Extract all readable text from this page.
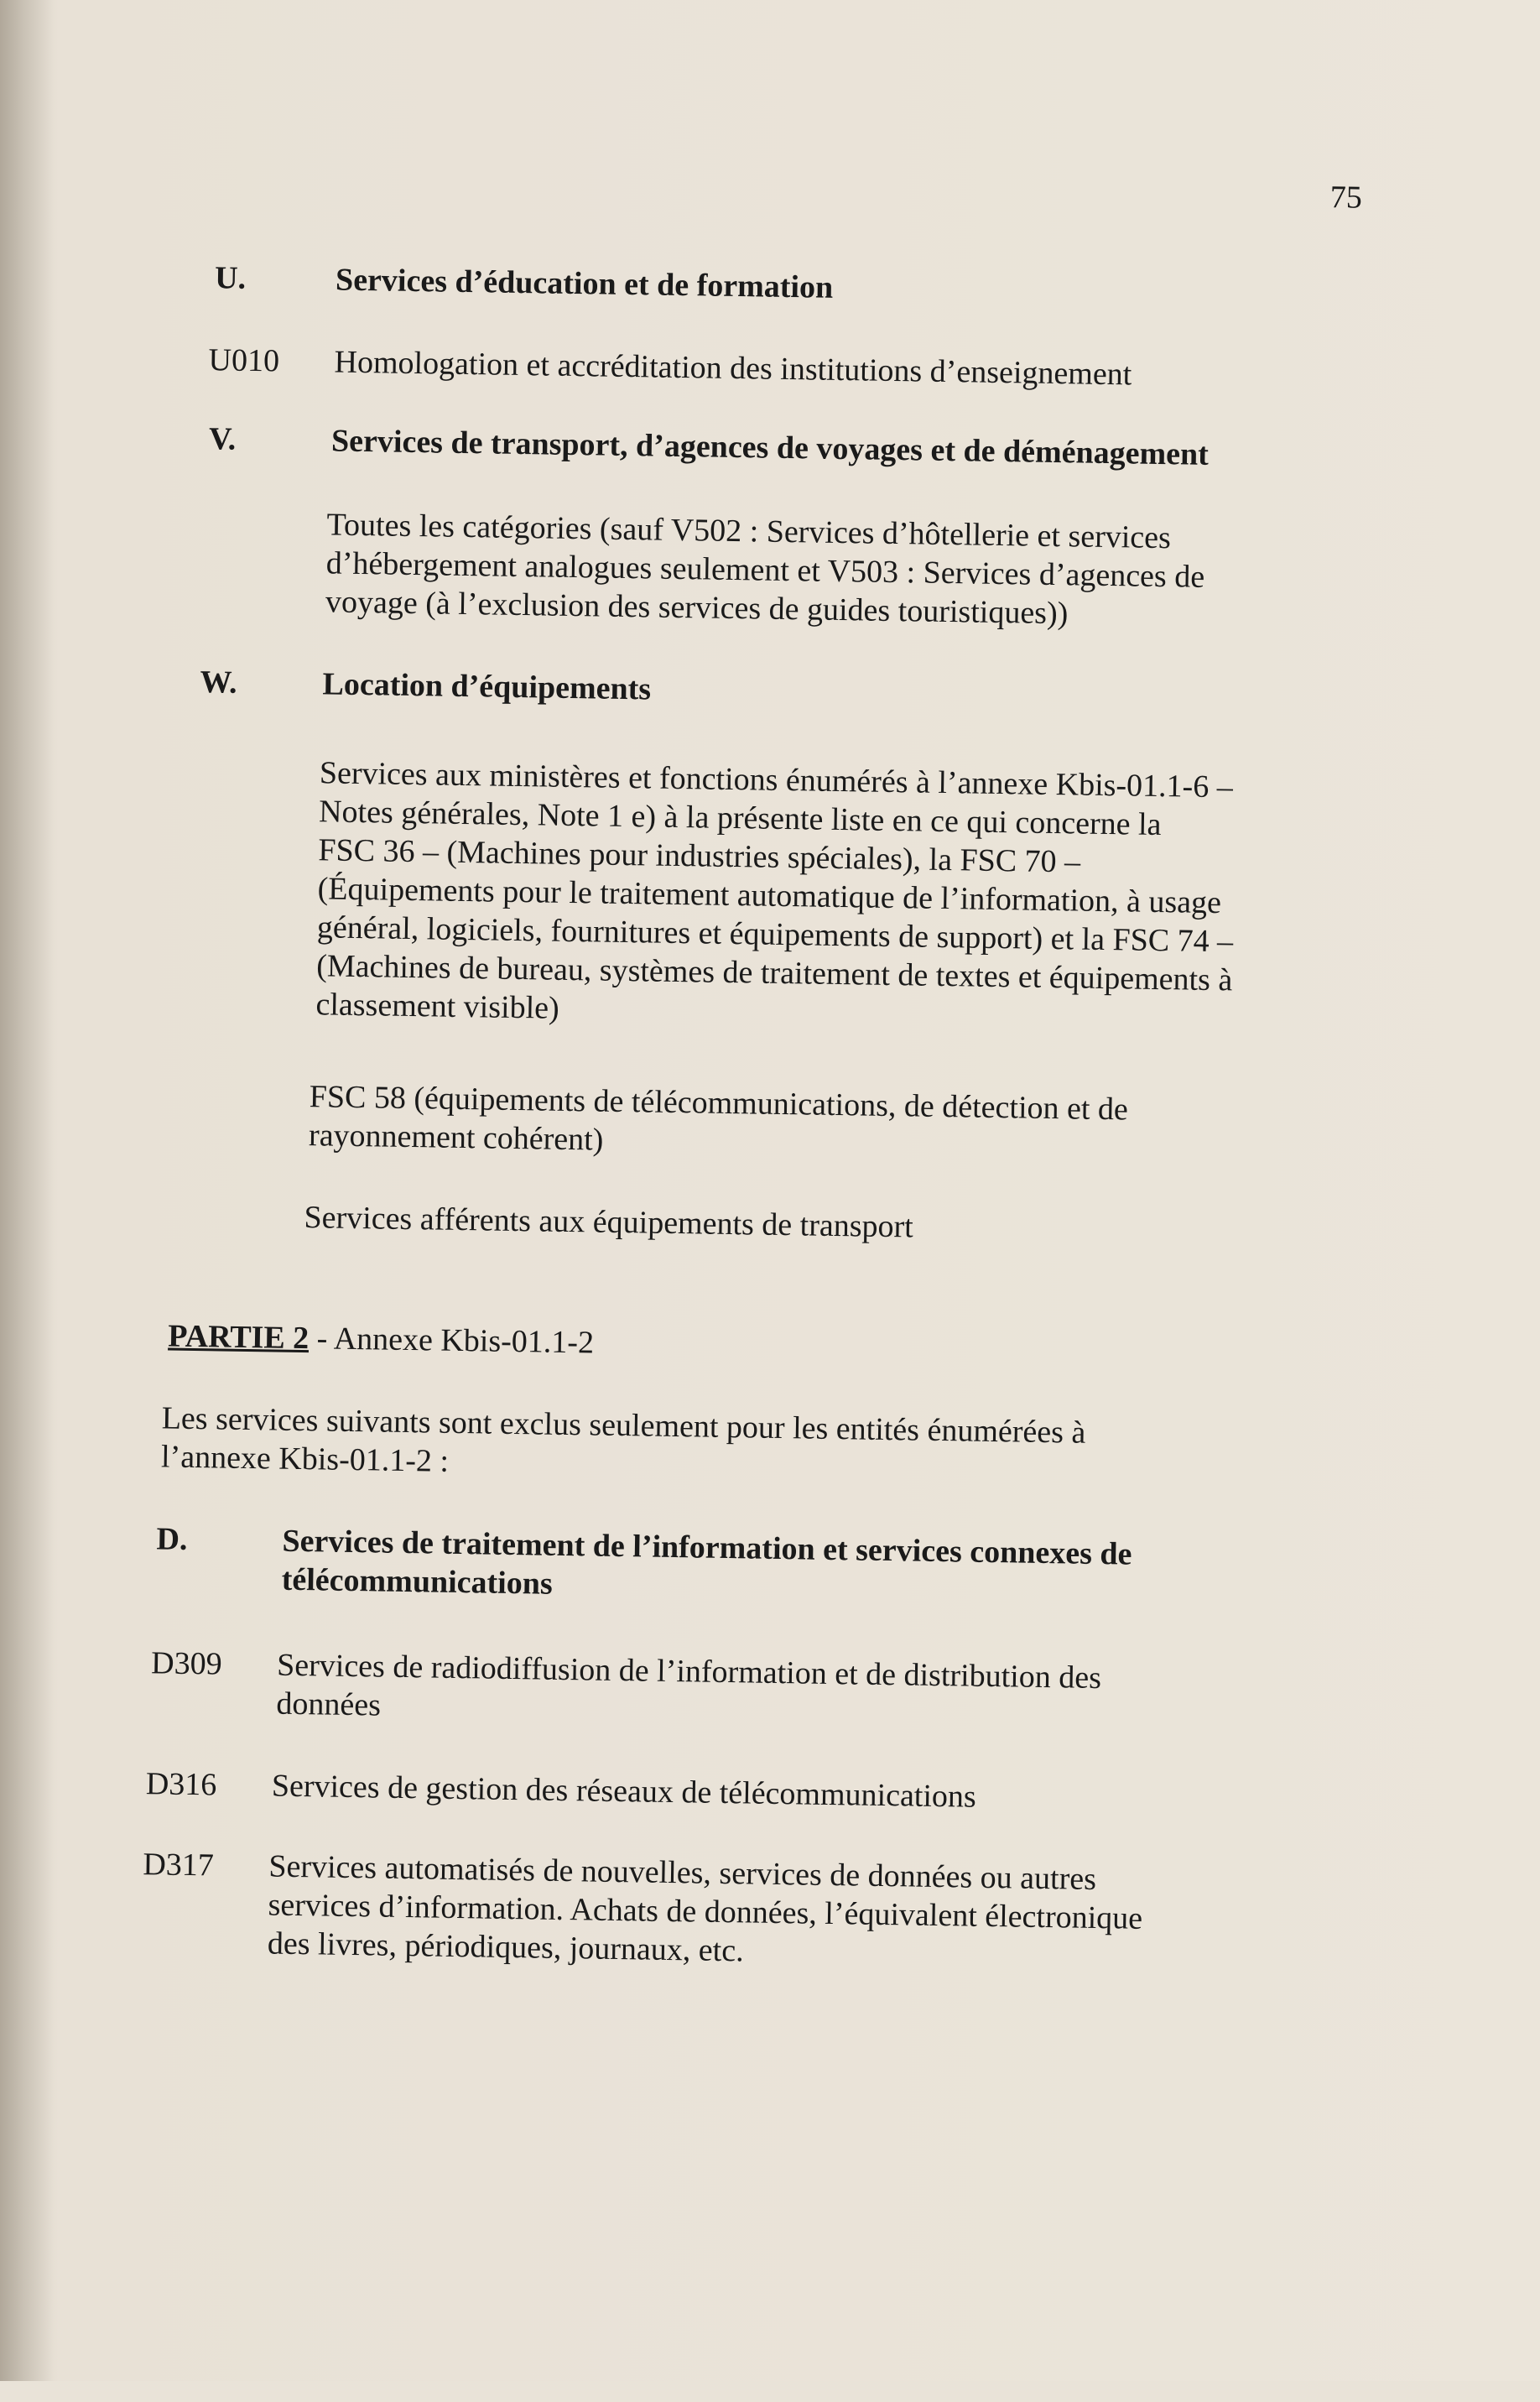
75
U.	Services d’éducation et de formation
U010 Homologation et accréditation des institutions d’enseignement
V.	Services de transport, d’agences de voyages et de déménagement
Toutes les catégories (sauf V502 : Services d’hôtellerie et services
d’hébergement analogues seulement et V503 : Services d’agences de
voyage (à l’exclusion des services de guides touristiques))
W.	Location d’équipements
Services aux ministères et fonctions énumérés à l’annexe Kbis-01.1-6 –
Notes générales, Note 1 e) à la présente liste en ce qui concerne la
FSC 36 – (Machines pour industries spéciales), la FSC 70 –
(Équipements pour le traitement automatique de l’information, à usage
général, logiciels, fournitures et équipements de support) et la FSC 74 –
(Machines de bureau, systèmes de traitement de textes et équipements à
classement visible)
FSC 58 (équipements de télécommunications, de détection et de
rayonnement cohérent)
Services afférents aux équipements de transport
PARTIE 2 - Annexe Kbis-01.1-2
Les services suivants sont exclus seulement pour les entités énumérées à
l’annexe Kbis-01.1-2 :
D.	Services de traitement de l’information et services connexes de
télécommunications
D309 Services de radiodiffusion de l’information et de distribution des
données
D316 Services de gestion des réseaux de télécommunications
D317 Services automatisés de nouvelles, services de données ou autres
services d’information. Achats de données, l’équivalent électronique
des livres, périodiques, journaux, etc.
